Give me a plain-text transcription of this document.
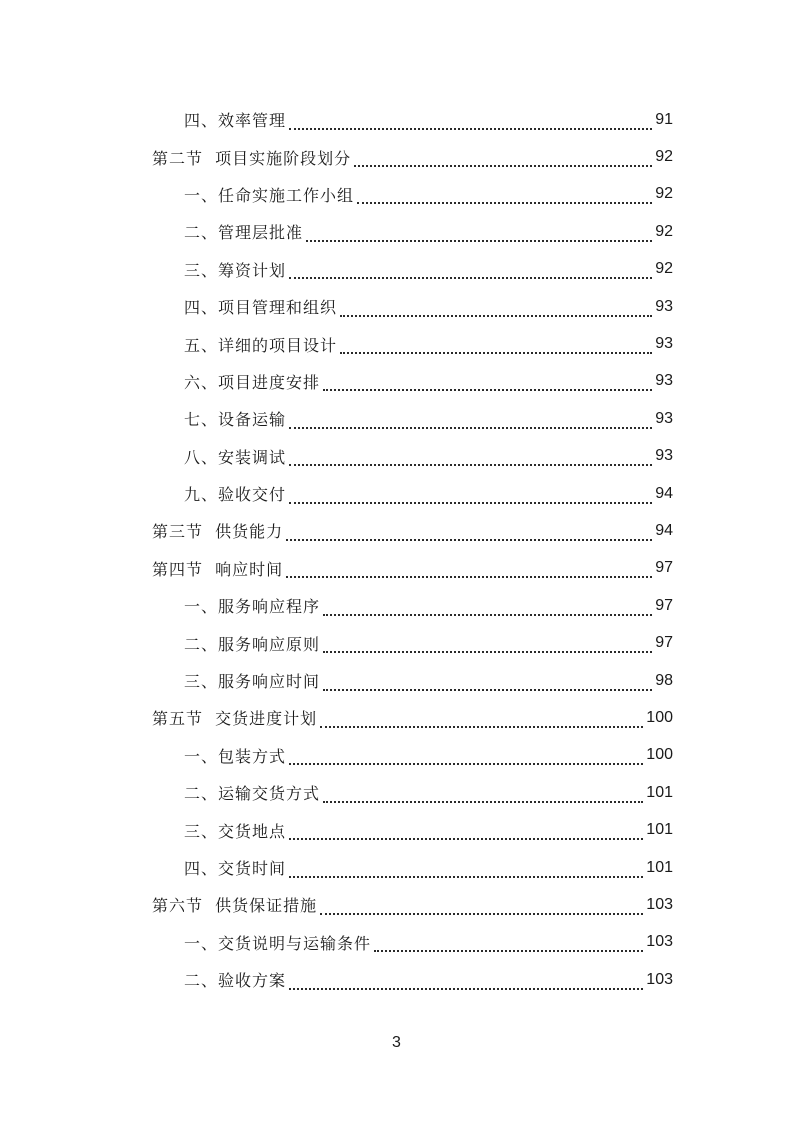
四、效率管理	91
第二节  项目实施阶段划分	92
一、任命实施工作小组	92
二、管理层批准	92
三、筹资计划	92
四、项目管理和组织	93
五、详细的项目设计	93
六、项目进度安排	93
七、设备运输	93
八、安装调试	93
九、验收交付	94
第三节  供货能力	94
第四节  响应时间	97
一、服务响应程序	97
二、服务响应原则	97
三、服务响应时间	98
第五节  交货进度计划	100
一、包装方式	100
二、运输交货方式	101
三、交货地点	101
四、交货时间	101
第六节  供货保证措施	103
一、交货说明与运输条件	103
二、验收方案	103
3
